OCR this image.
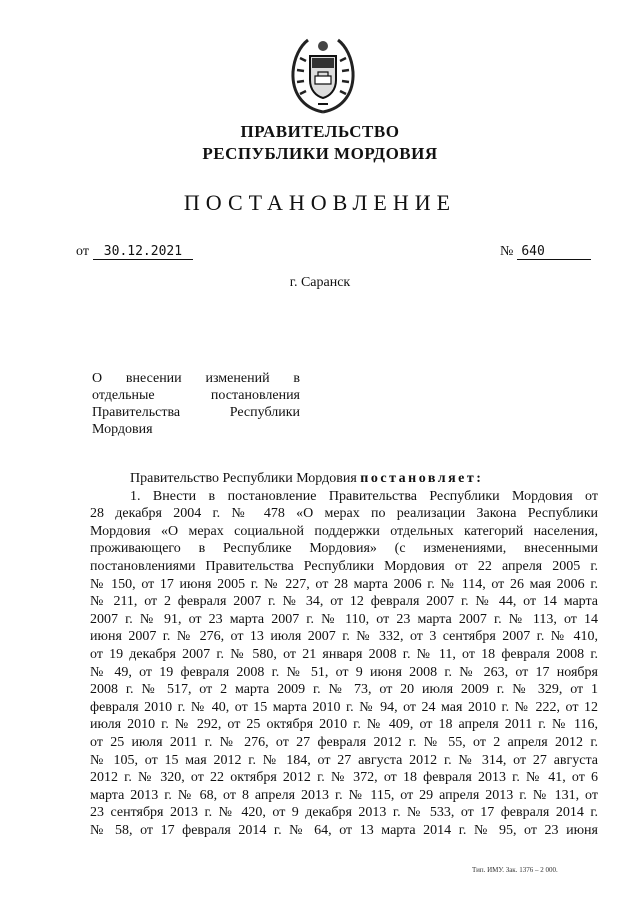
ПРАВИТЕЛЬСТВО
РЕСПУБЛИКИ МОРДОВИЯ
ПОСТАНОВЛЕНИЕ
от 30.12.2021	№ 640
г. Саранск
О внесении изменений в
отдельные постановления
Правительства Республики
Мордовия
Правительство Республики Мордовия постановляет:
1. Внести в постановление Правительства Республики Мордовия от
28 декабря 2004 г. № 478 «О мерах по реализации Закона Республики
Мордовия «О мерах социальной поддержки отдельных категорий населения,
проживающего в Республике Мордовия» (с изменениями, внесенными
постановлениями Правительства Республики Мордовия от 22 апреля 2005 г.
№ 150, от 17 июня 2005 г. № 227, от 28 марта 2006 г. № 114, от 26 мая 2006 г.
№ 211, от 2 февраля 2007 г. № 34, от 12 февраля 2007 г. № 44, от 14 марта
2007 г. № 91, от 23 марта 2007 г. № 110, от 23 марта 2007 г. № 113, от 14
июня 2007 г. № 276, от 13 июля 2007 г. № 332, от 3 сентября 2007 г. № 410,
от 19 декабря 2007 г. № 580, от 21 января 2008 г. № 11, от 18 февраля 2008 г.
№ 49, от 19 февраля 2008 г. № 51, от 9 июня 2008 г. № 263, от 17 ноября
2008 г. № 517, от 2 марта 2009 г. № 73, от 20 июля 2009 г. № 329, от 1
февраля 2010 г. № 40, от 15 марта 2010 г. № 94, от 24 мая 2010 г. № 222, от 12
июля 2010 г. № 292, от 25 октября 2010 г. № 409, от 18 апреля 2011 г. № 116,
от 25 июля 2011 г. № 276, от 27 февраля 2012 г. № 55, от 2 апреля 2012 г.
№ 105, от 15 мая 2012 г. № 184, от 27 августа 2012 г. № 314, от 27 августа
2012 г. № 320, от 22 октября 2012 г. № 372, от 18 февраля 2013 г. № 41, от 6
марта 2013 г. № 68, от 8 апреля 2013 г. № 115, от 29 апреля 2013 г. № 131, от
23 сентября 2013 г. № 420, от 9 декабря 2013 г. № 533, от 17 февраля 2014 г.
№ 58, от 17 февраля 2014 г. № 64, от 13 марта 2014 г. № 95, от 23 июня
Тип. ИМУ. Зак. 1376 – 2 000.
